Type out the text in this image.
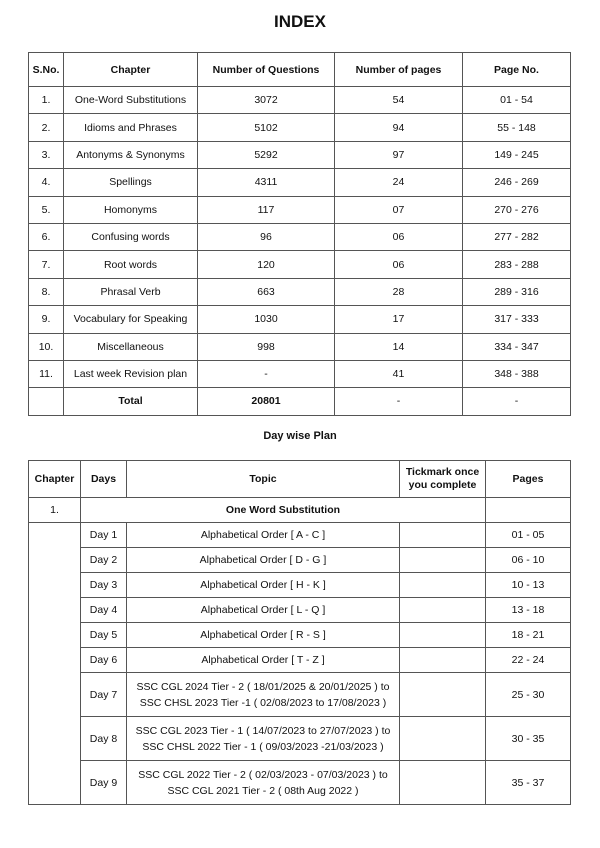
INDEX
S.No.	Chapter	Number of Questions	Number of pages	Page No.
1.	One-Word Substitutions	3072	54	01 - 54
2.	Idioms and Phrases	5102	94	55 - 148
3.	Antonyms & Synonyms	5292	97	149 - 245
4.	Spellings	4311	24	246 - 269
5.	Homonyms	117	07	270 - 276
6.	Confusing words	96	06	277 - 282
7.	Root words	120	06	283 - 288
8.	Phrasal Verb	663	28	289 - 316
9.	Vocabulary for Speaking	1030	17	317 - 333
10.	Miscellaneous	998	14	334 - 347
11.	Last week Revision plan	-	41	348 - 388
	Total	20801	-	-
Day wise Plan
Chapter	Days	Topic	Tickmark once you complete	Pages
1.	One Word Substitution			
	Day 1	Alphabetical Order [ A - C ]		01 - 05
	Day 2	Alphabetical Order [ D - G ]		06 - 10
	Day 3	Alphabetical Order [ H - K ]		10 - 13
	Day 4	Alphabetical Order [ L - Q ]		13 - 18
	Day 5	Alphabetical Order [ R - S ]		18 - 21
	Day 6	Alphabetical Order [ T - Z ]		22 - 24
	Day 7	SSC CGL 2024 Tier - 2 ( 18/01/2025 & 20/01/2025 ) to
SSC CHSL 2023 Tier -1 ( 02/08/2023 to 17/08/2023 )		25 - 30
	Day 8	SSC CGL 2023 Tier - 1 ( 14/07/2023 to 27/07/2023 ) to
SSC CHSL 2022 Tier - 1 ( 09/03/2023 -21/03/2023 )		30 - 35
	Day 9	SSC CGL 2022 Tier - 2 ( 02/03/2023 - 07/03/2023 ) to
SSC CGL 2021 Tier - 2 ( 08th Aug 2022 )		35 - 37
